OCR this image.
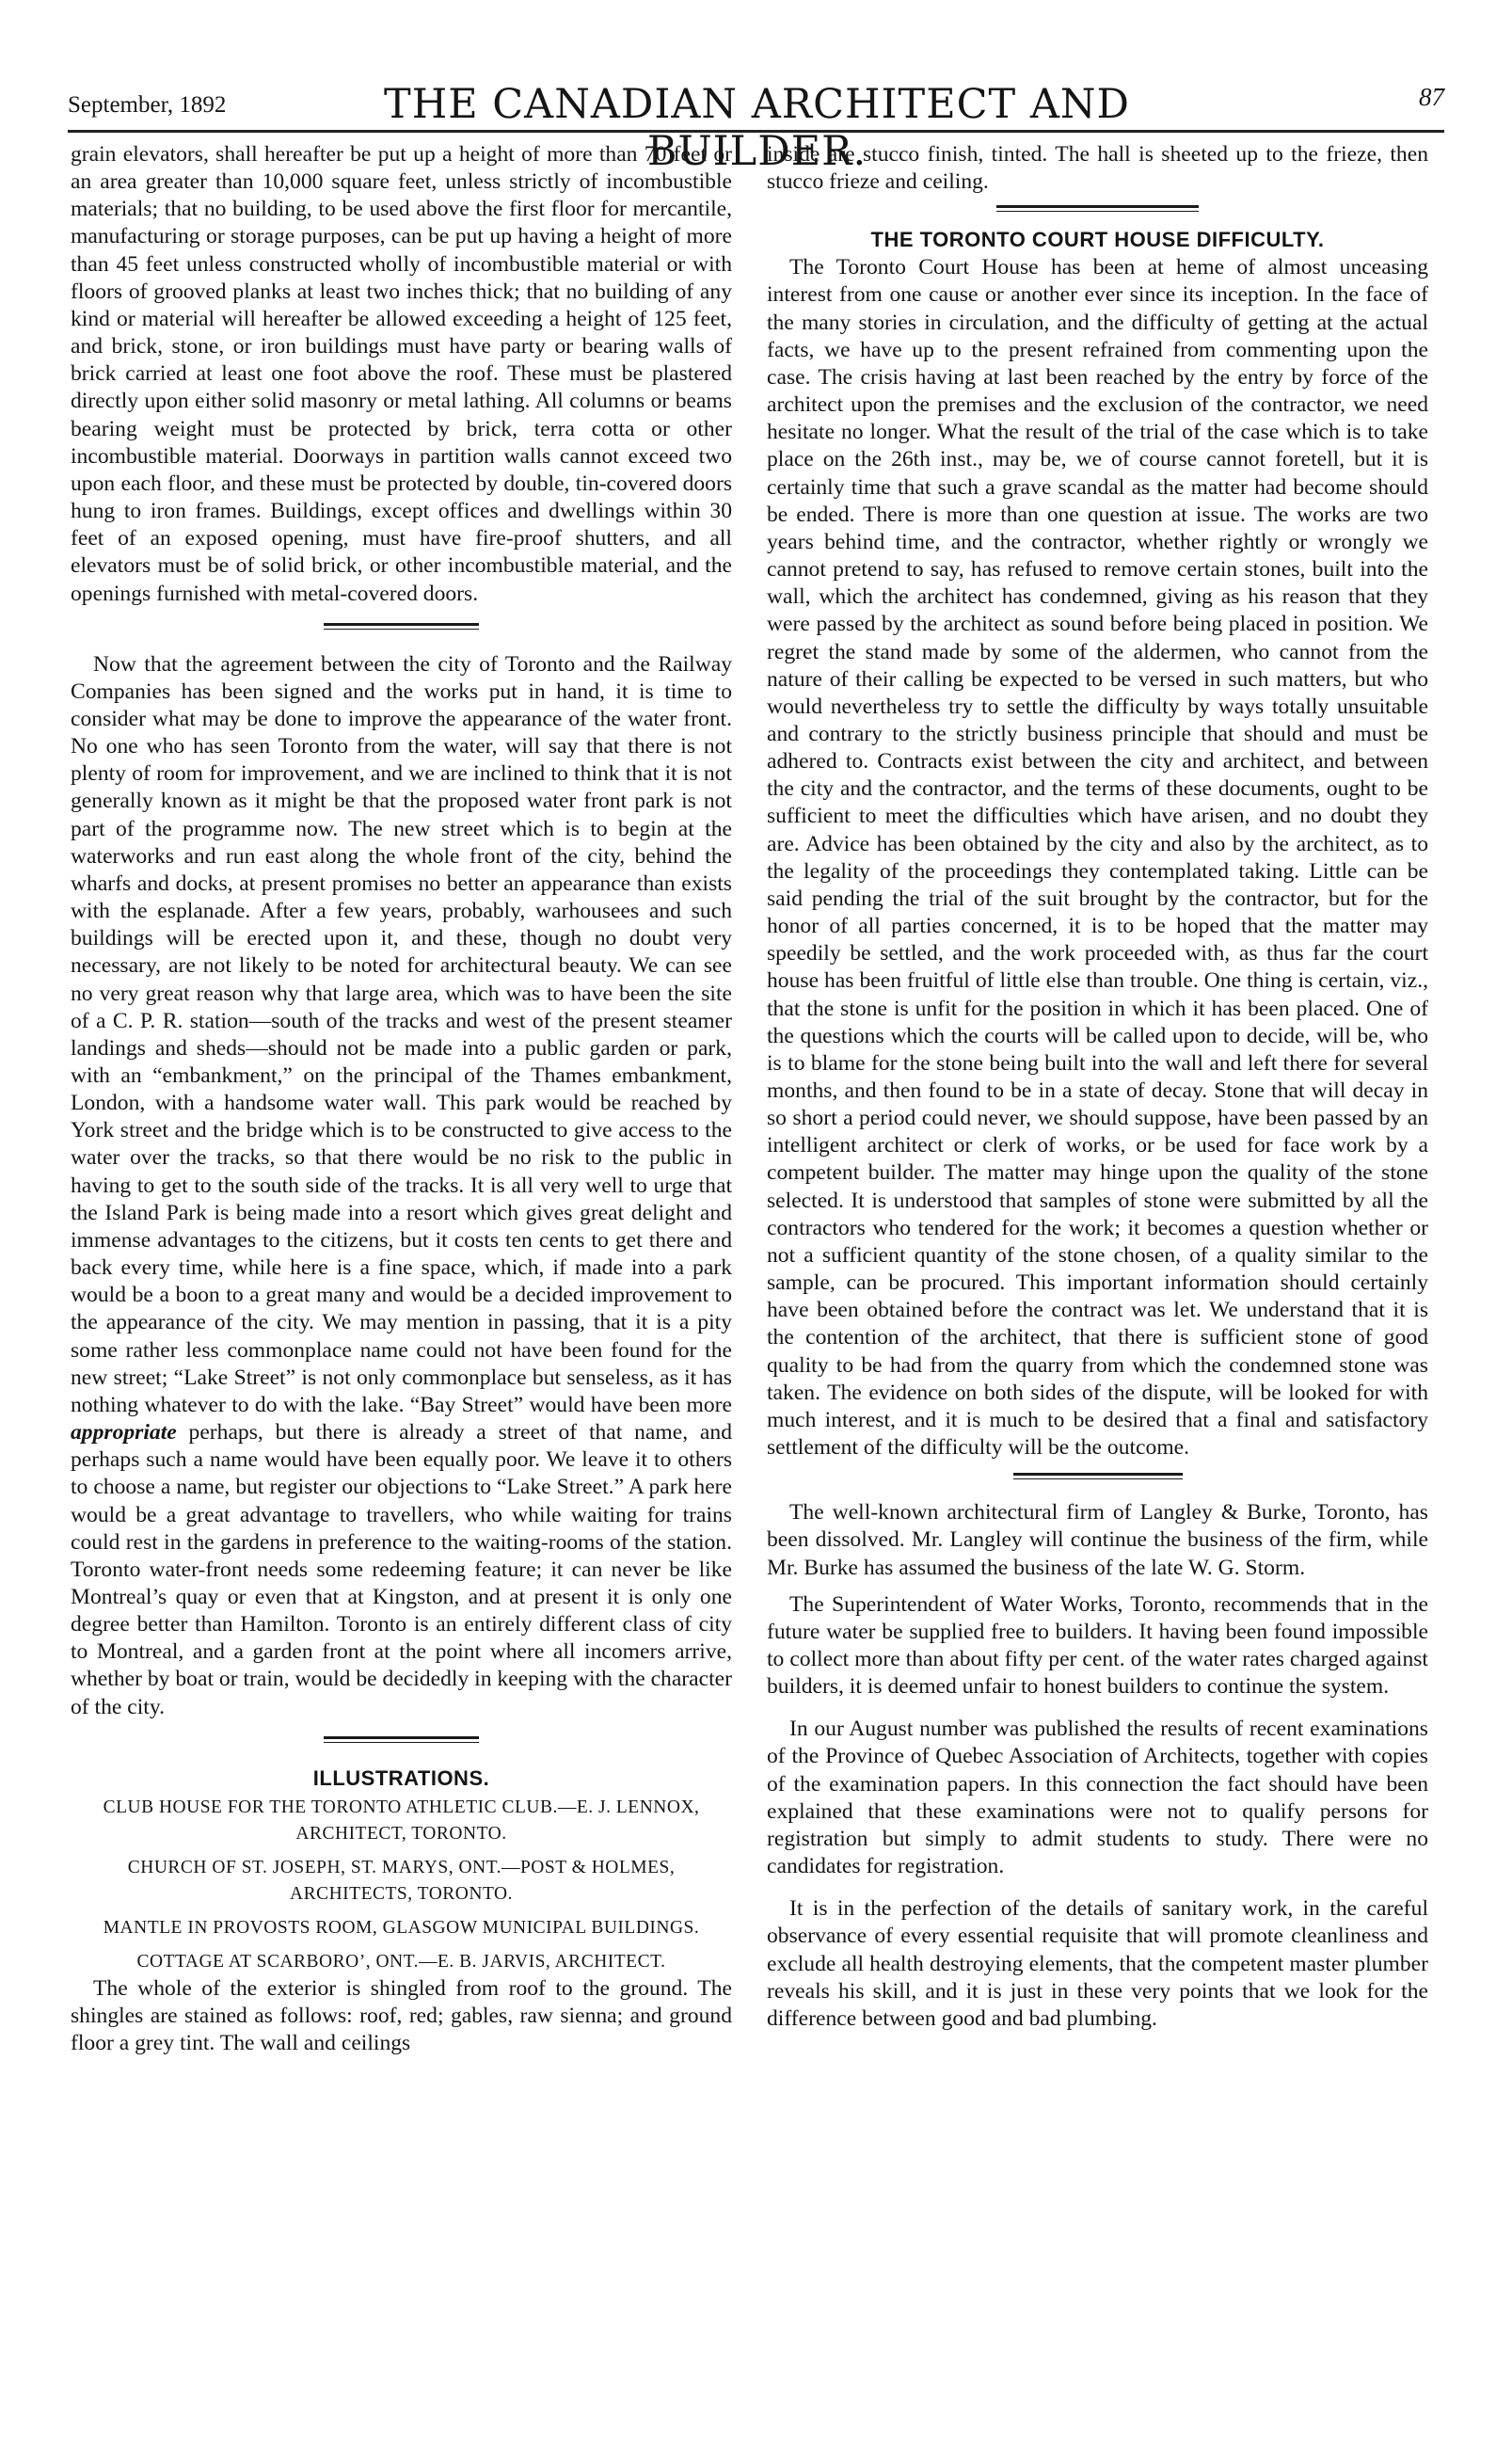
September, 1892	THE CANADIAN ARCHITECT AND BUILDER.
87

grain elevators, shall hereafter be put up a height of more than 70 feet or an area greater than 10,000 square feet, unless strictly of incombustible materials; that no building, to be used above the first floor for mercantile, manufacturing or storage purposes, can be put up having a height of more than 45 feet unless constructed wholly of incombustible material or with floors of grooved planks at least two inches thick; that no building of any kind or material will hereafter be allowed exceeding a height of 125 feet, and brick, stone, or iron buildings must have party or bearing walls of brick carried at least one foot above the roof. These must be plastered directly upon either solid masonry or metal lathing. All columns or beams bearing weight must be protected by brick, terra cotta or other incombustible material. Doorways in partition walls cannot exceed two upon each floor, and these must be protected by double, tin-covered doors hung to iron frames. Buildings, except offices and dwellings within 30 feet of an exposed opening, must have fire-proof shutters, and all elevators must be of solid brick, or other incombustible material, and the openings furnished with metal-covered doors.

Now that the agreement between the city of Toronto and the Railway Companies has been signed and the works put in hand, it is time to consider what may be done to improve the appearance of the water front. No one who has seen Toronto from the water, will say that there is not plenty of room for improvement, and we are inclined to think that it is not generally known as it might be that the proposed water front park is not part of the programme now. The new street which is to begin at the waterworks and run east along the whole front of the city, behind the wharfs and docks, at present promises no better an appearance than exists with the esplanade. After a few years, probably, warhousees and such buildings will be erected upon it, and these, though no doubt very necessary, are not likely to be noted for architectural beauty. We can see no very great reason why that large area, which was to have been the site of a C. P. R. station—south of the tracks and west of the present steamer landings and sheds—should not be made into a public garden or park, with an “embankment,” on the principal of the Thames embankment, London, with a handsome water wall. This park would be reached by York street and the bridge which is to be constructed to give access to the water over the tracks, so that there would be no risk to the public in having to get to the south side of the tracks. It is all very well to urge that the Island Park is being made into a resort which gives great delight and immense advantages to the citizens, but it costs ten cents to get there and back every time, while here is a fine space, which, if made into a park would be a boon to a great many and would be a decided improvement to the appearance of the city. We may mention in passing, that it is a pity some rather less commonplace name could not have been found for the new street; “Lake Street” is not only commonplace but senseless, as it has nothing whatever to do with the lake. “Bay Street” would have been more appropriate perhaps, but there is already a street of that name, and perhaps such a name would have been equally poor. We leave it to others to choose a name, but register our objections to “Lake Street.” A park here would be a great advantage to travellers, who while waiting for trains could rest in the gardens in preference to the waiting-rooms of the station. Toronto water-front needs some redeeming feature; it can never be like Montreal’s quay or even that at Kingston, and at present it is only one degree better than Hamilton. Toronto is an entirely different class of city to Montreal, and a garden front at the point where all incomers arrive, whether by boat or train, would be decidedly in keeping with the character of the city.

ILLUSTRATIONS.

CLUB HOUSE FOR THE TORONTO ATHLETIC CLUB.—E. J. LENNOX, ARCHITECT, TORONTO.

CHURCH OF ST. JOSEPH, ST. MARYS, ONT.—POST & HOLMES, ARCHITECTS, TORONTO.

MANTLE IN PROVOSTS ROOM, GLASGOW MUNICIPAL BUILDINGS.

COTTAGE AT SCARBORO’, ONT.—E. B. JARVIS, ARCHITECT.

The whole of the exterior is shingled from roof to the ground. The shingles are stained as follows: roof, red; gables, raw sienna; and ground floor a grey tint. The wall and ceilings

inside are stucco finish, tinted. The hall is sheeted up to the frieze, then stucco frieze and ceiling.

THE TORONTO COURT HOUSE DIFFICULTY.

The Toronto Court House has been at heme of almost unceasing interest from one cause or another ever since its inception. In the face of the many stories in circulation, and the difficulty of getting at the actual facts, we have up to the present refrained from commenting upon the case. The crisis having at last been reached by the entry by force of the architect upon the premises and the exclusion of the contractor, we need hesitate no longer. What the result of the trial of the case which is to take place on the 26th inst., may be, we of course cannot foretell, but it is certainly time that such a grave scandal as the matter had become should be ended. There is more than one question at issue. The works are two years behind time, and the contractor, whether rightly or wrongly we cannot pretend to say, has refused to remove certain stones, built into the wall, which the architect has condemned, giving as his reason that they were passed by the architect as sound before being placed in position. We regret the stand made by some of the aldermen, who cannot from the nature of their calling be expected to be versed in such matters, but who would nevertheless try to settle the difficulty by ways totally unsuitable and contrary to the strictly business principle that should and must be adhered to. Contracts exist between the city and architect, and between the city and the contractor, and the terms of these documents, ought to be sufficient to meet the difficulties which have arisen, and no doubt they are. Advice has been obtained by the city and also by the architect, as to the legality of the proceedings they contemplated taking. Little can be said pending the trial of the suit brought by the contractor, but for the honor of all parties concerned, it is to be hoped that the matter may speedily be settled, and the work proceeded with, as thus far the court house has been fruitful of little else than trouble. One thing is certain, viz., that the stone is unfit for the position in which it has been placed. One of the questions which the courts will be called upon to decide, will be, who is to blame for the stone being built into the wall and left there for several months, and then found to be in a state of decay. Stone that will decay in so short a period could never, we should suppose, have been passed by an intelligent architect or clerk of works, or be used for face work by a competent builder. The matter may hinge upon the quality of the stone selected. It is understood that samples of stone were submitted by all the contractors who tendered for the work; it becomes a question whether or not a sufficient quantity of the stone chosen, of a quality similar to the sample, can be procured. This important information should certainly have been obtained before the contract was let. We understand that it is the contention of the architect, that there is sufficient stone of good quality to be had from the quarry from which the condemned stone was taken. The evidence on both sides of the dispute, will be looked for with much interest, and it is much to be desired that a final and satisfactory settlement of the difficulty will be the outcome.

The well-known architectural firm of Langley & Burke, Toronto, has been dissolved. Mr. Langley will continue the business of the firm, while Mr. Burke has assumed the business of the late W. G. Storm.

The Superintendent of Water Works, Toronto, recommends that in the future water be supplied free to builders. It having been found impossible to collect more than about fifty per cent. of the water rates charged against builders, it is deemed unfair to honest builders to continue the system.

In our August number was published the results of recent examinations of the Province of Quebec Association of Architects, together with copies of the examination papers. In this connection the fact should have been explained that these examinations were not to qualify persons for registration but simply to admit students to study. There were no candidates for registration.

It is in the perfection of the details of sanitary work, in the careful observance of every essential requisite that will promote cleanliness and exclude all health destroying elements, that the competent master plumber reveals his skill, and it is just in these very points that we look for the difference between good and bad plumbing.
